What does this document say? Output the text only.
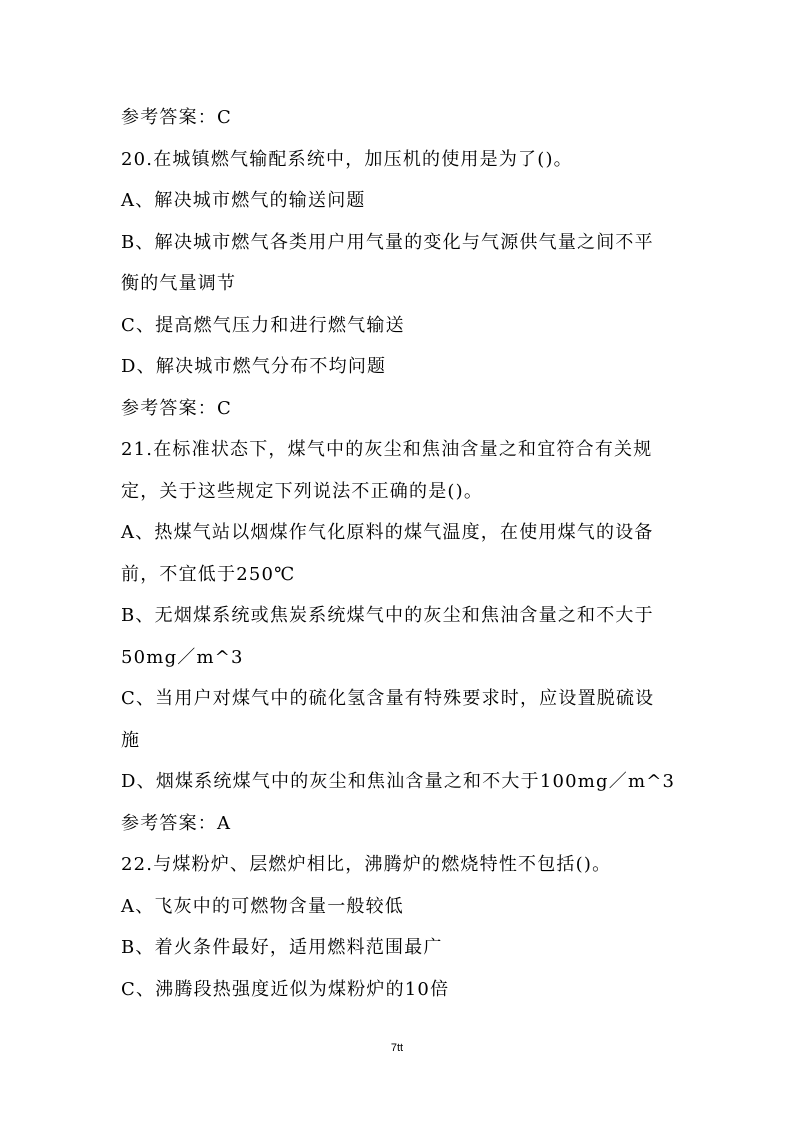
参考答案：C
20.在城镇燃气输配系统中，加压机的使用是为了()。
A、解决城市燃气的输送问题
B、解决城市燃气各类用户用气量的变化与气源供气量之间不平
衡的气量调节
C、提高燃气压力和进行燃气输送
D、解决城市燃气分布不均问题
参考答案：C
21.在标准状态下，煤气中的灰尘和焦油含量之和宜符合有关规
定，关于这些规定下列说法不正确的是()。
A、热煤气站以烟煤作气化原料的煤气温度，在使用煤气的设备
前，不宜低于250℃
B、无烟煤系统或焦炭系统煤气中的灰尘和焦油含量之和不大于
50mg／m^3
C、当用户对煤气中的硫化氢含量有特殊要求时，应设置脱硫设
施
D、烟煤系统煤气中的灰尘和焦汕含量之和不大于100mg／m^3
参考答案：A
22.与煤粉炉、层燃炉相比，沸腾炉的燃烧特性不包括()。
A、飞灰中的可燃物含量一般较低
B、着火条件最好，适用燃料范围最广
C、沸腾段热强度近似为煤粉炉的10倍
7tt
